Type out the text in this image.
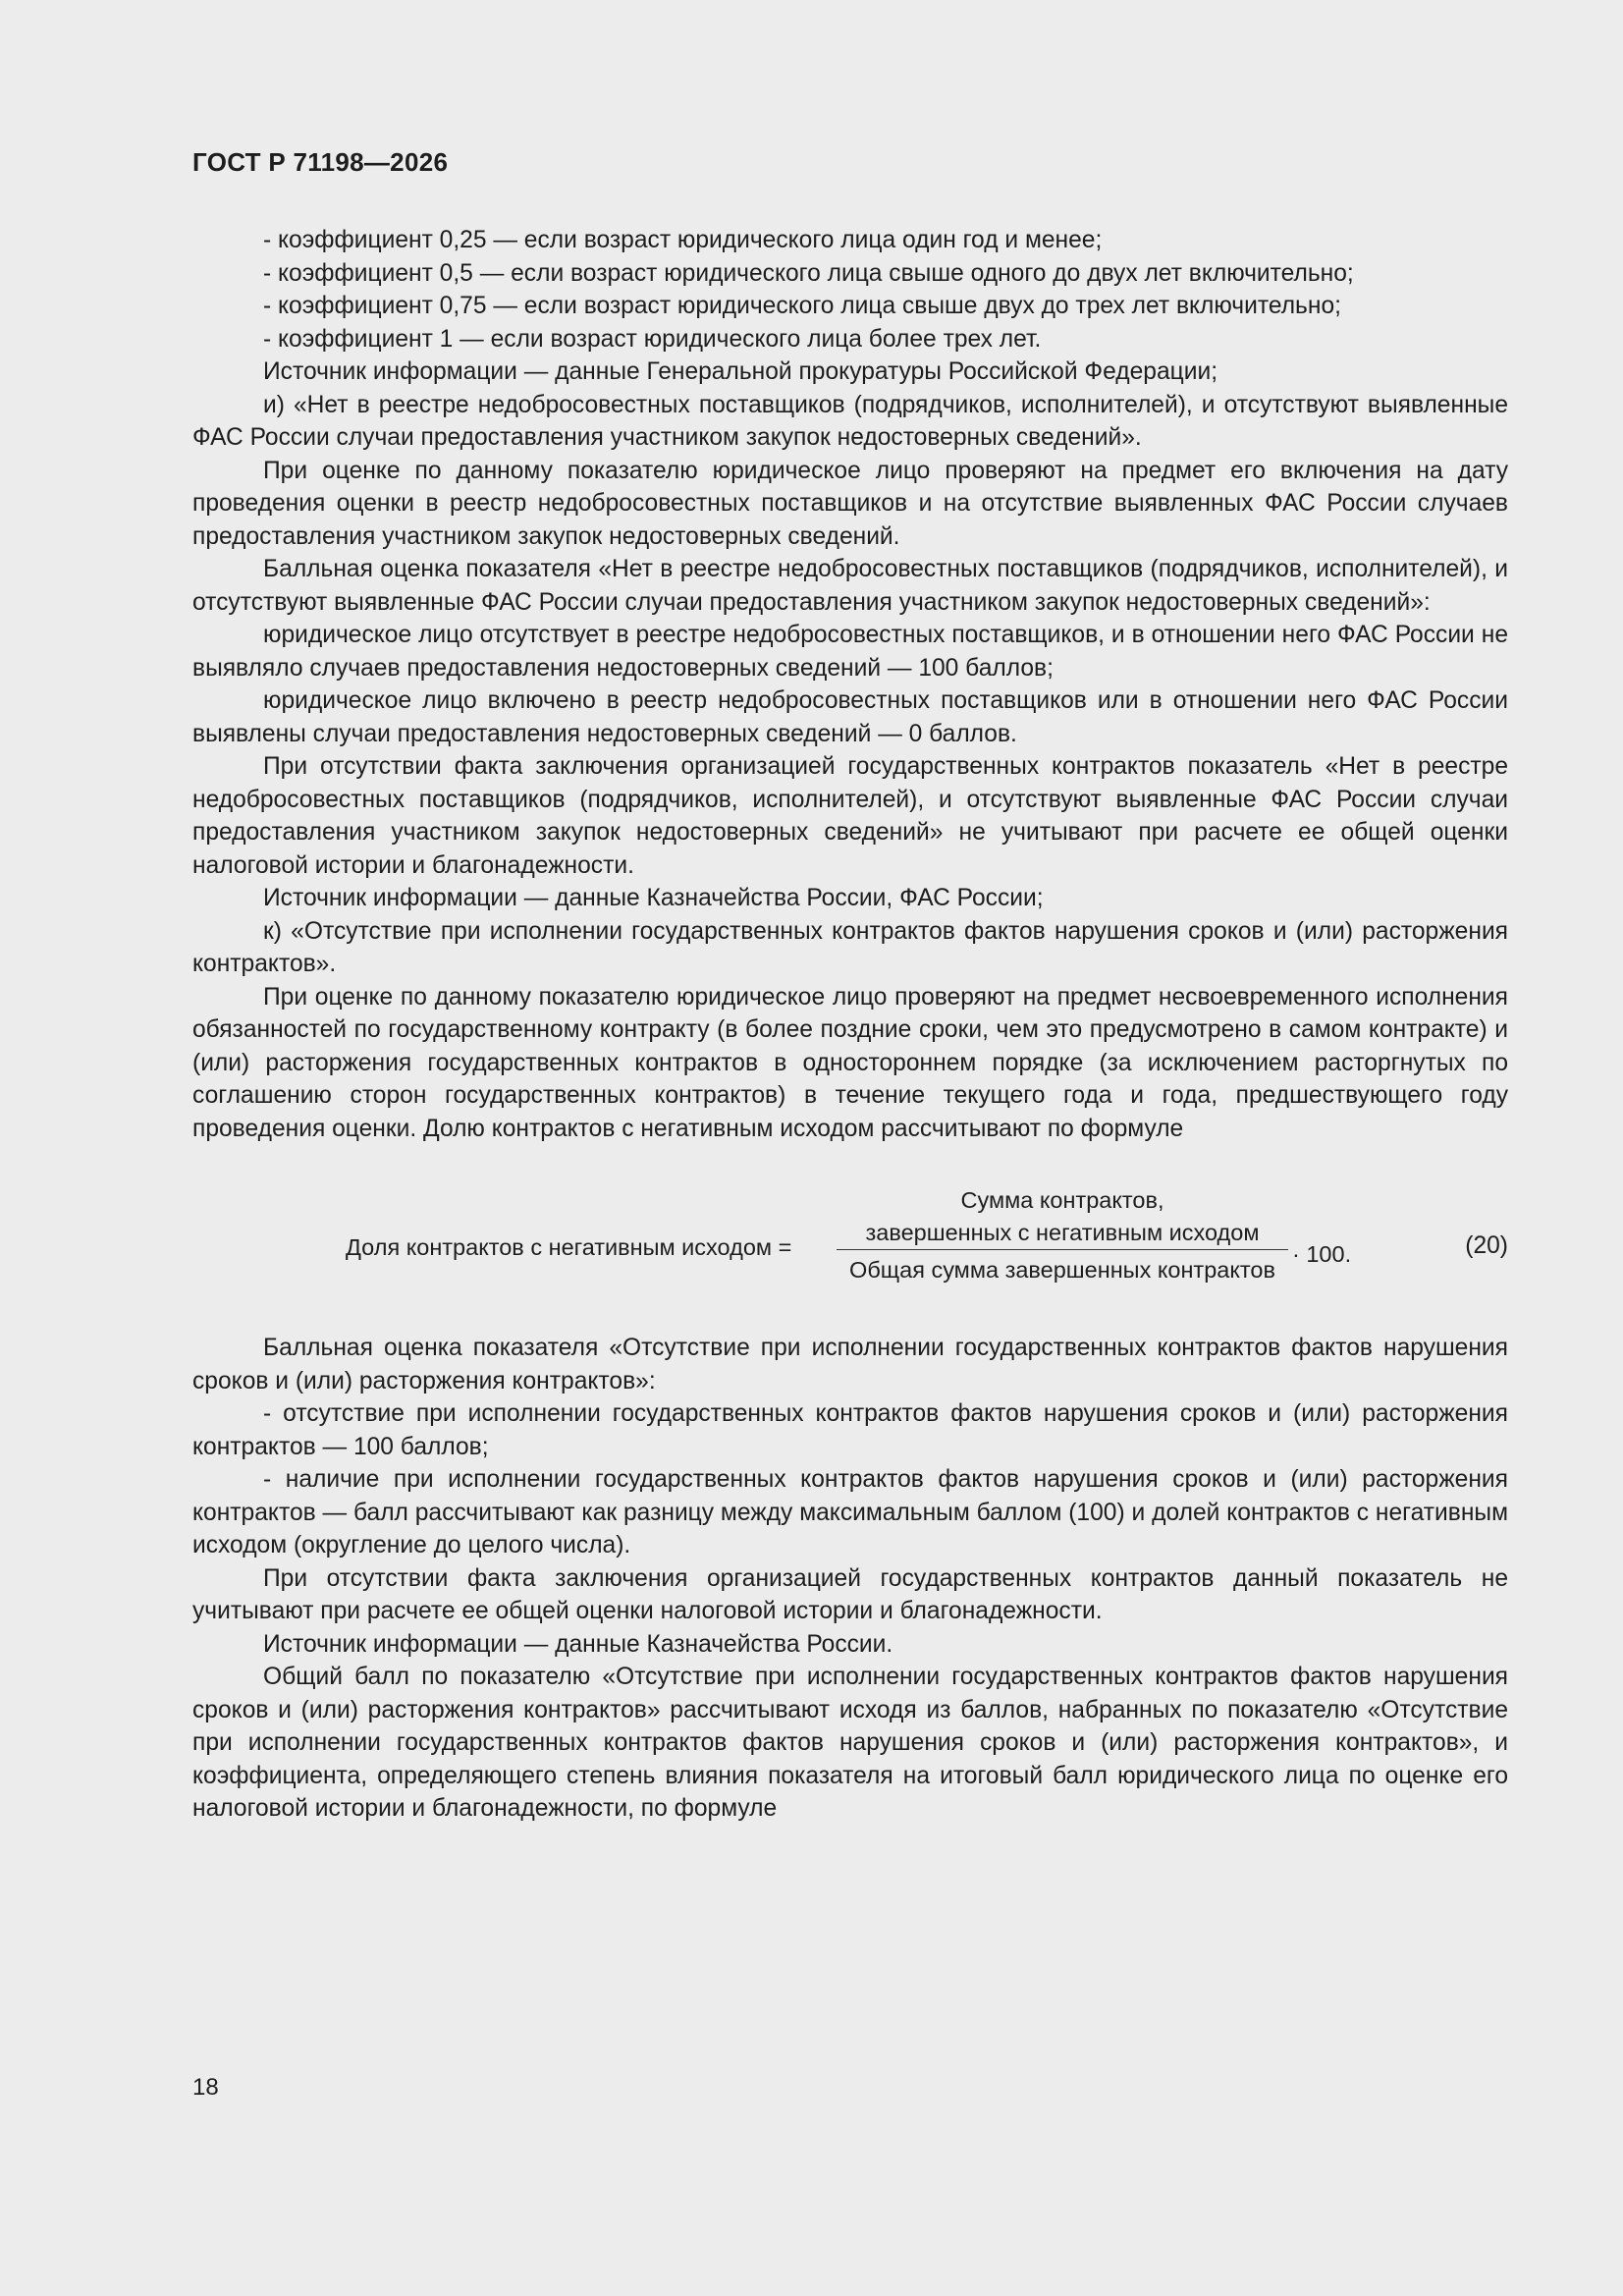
ГОСТ Р 71198—2026

- коэффициент 0,25 — если возраст юридического лица один год и менее;

- коэффициент 0,5 — если возраст юридического лица свыше одного до двух лет включительно;

- коэффициент 0,75 — если возраст юридического лица свыше двух до трех лет включительно;

- коэффициент 1 — если возраст юридического лица более трех лет.

Источник информации — данные Генеральной прокуратуры Российской Федерации;

и) «Нет в реестре недобросовестных поставщиков (подрядчиков, исполнителей), и отсутствуют выявленные ФАС России случаи предоставления участником закупок недостоверных сведений».

При оценке по данному показателю юридическое лицо проверяют на предмет его включения на дату проведения оценки в реестр недобросовестных поставщиков и на отсутствие выявленных ФАС России случаев предоставления участником закупок недостоверных сведений.

Балльная оценка показателя «Нет в реестре недобросовестных поставщиков (подрядчиков, исполнителей), и отсутствуют выявленные ФАС России случаи предоставления участником закупок недостоверных сведений»:

юридическое лицо отсутствует в реестре недобросовестных поставщиков, и в отношении него ФАС России не выявляло случаев предоставления недостоверных сведений — 100 баллов;

юридическое лицо включено в реестр недобросовестных поставщиков или в отношении него ФАС России выявлены случаи предоставления недостоверных сведений — 0 баллов.

При отсутствии факта заключения организацией государственных контрактов показатель «Нет в реестре недобросовестных поставщиков (подрядчиков, исполнителей), и отсутствуют выявленные ФАС России случаи предоставления участником закупок недостоверных сведений» не учитывают при расчете ее общей оценки налоговой истории и благонадежности.

Источник информации — данные Казначейства России, ФАС России;

к) «Отсутствие при исполнении государственных контрактов фактов нарушения сроков и (или) расторжения контрактов».

При оценке по данному показателю юридическое лицо проверяют на предмет несвоевременного исполнения обязанностей по государственному контракту (в более поздние сроки, чем это предусмотрено в самом контракте) и (или) расторжения государственных контрактов в одностороннем порядке (за исключением расторгнутых по соглашению сторон государственных контрактов) в течение текущего года и года, предшествующего году проведения оценки. Долю контрактов с негативным исходом рассчитывают по формуле

Доля контрактов с негативным исходом =
Сумма контрактов,
завершенных с негативным исходом
Общая сумма завершенных контрактов
· 100.	(20)

Балльная оценка показателя «Отсутствие при исполнении государственных контрактов фактов нарушения сроков и (или) расторжения контрактов»:

- отсутствие при исполнении государственных контрактов фактов нарушения сроков и (или) расторжения контрактов — 100 баллов;

- наличие при исполнении государственных контрактов фактов нарушения сроков и (или) расторжения контрактов — балл рассчитывают как разницу между максимальным баллом (100) и долей контрактов с негативным исходом (округление до целого числа).

При отсутствии факта заключения организацией государственных контрактов данный показатель не учитывают при расчете ее общей оценки налоговой истории и благонадежности.

Источник информации — данные Казначейства России.

Общий балл по показателю «Отсутствие при исполнении государственных контрактов фактов нарушения сроков и (или) расторжения контрактов» рассчитывают исходя из баллов, набранных по показателю «Отсутствие при исполнении государственных контрактов фактов нарушения сроков и (или) расторжения контрактов», и коэффициента, определяющего степень влияния показателя на итоговый балл юридического лица по оценке его налоговой истории и благонадежности, по формуле

18
